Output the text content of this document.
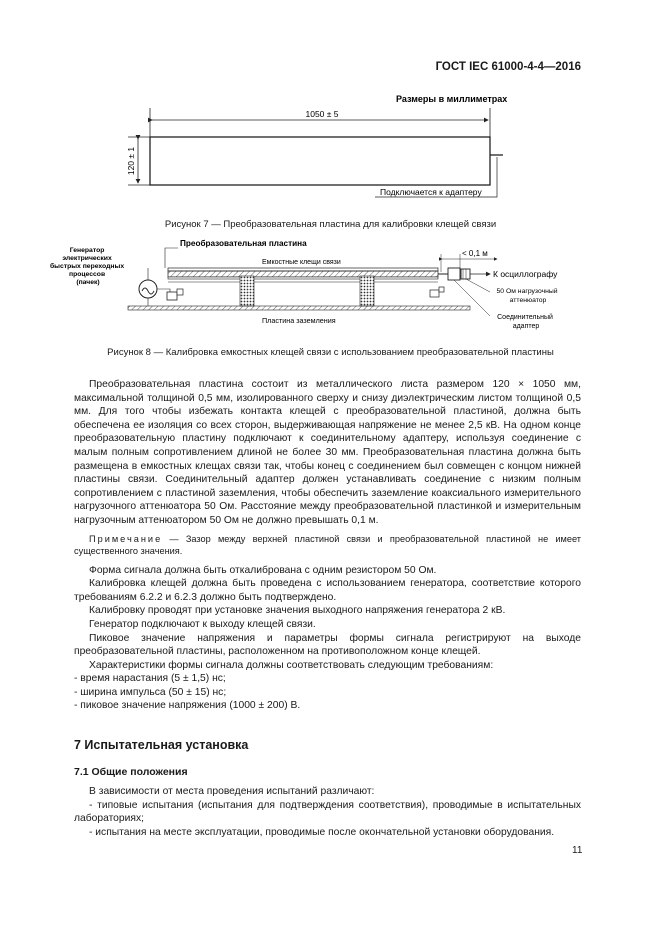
ГОСТ IEC 61000-4-4—2016
Размеры в миллиметрах
1050 ± 5
120 ± 1
Подключается к адаптеру
Рисунок 7 — Преобразовательная пластина для калибровки клещей связи
Генератор электрических быстрых переходных процессов (пачек)
Преобразовательная пластина
Емкостные клещи связи
< 0,1 м
К осциллографу
50 Ом нагрузочный аттенюатор
Соединительный адаптер
Пластина заземления
Рисунок 8 — Калибровка емкостных клещей связи с использованием преобразовательной пластины

Преобразовательная пластина состоит из металлического листа размером 120 × 1050 мм, максимальной толщиной 0,5 мм, изолированного сверху и снизу диэлектрическим листом толщиной 0,5 мм. Для того чтобы избежать контакта клещей с преобразовательной пластиной, должна быть обеспечена ее изоляция со всех сторон, выдерживающая напряжение не менее 2,5 кВ. На одном конце преобразовательную пластину подключают к соединительному адаптеру, используя соединение с малым полным сопротивлением длиной не более 30 мм. Преобразовательная пластина должна быть размещена в емкостных клещах связи так, чтобы конец с соединением был совмещен с концом нижней пластины связи. Соединительный адаптер должен устанавливать соединение с низким полным сопротивлением с пластиной заземления, чтобы обеспечить заземление коаксиального измерительного нагрузочного аттенюатора 50 Ом. Расстояние между преобразовательной пластинкой и измерительным нагрузочным аттенюатором 50 Ом не должно превышать 0,1 м.

Примечание — Зазор между верхней пластиной связи и преобразовательной пластиной не имеет существенного значения.

Форма сигнала должна быть откалибрована с одним резистором 50 Ом.

Калибровка клещей должна быть проведена с использованием генератора, соответствие которого требованиям 6.2.2 и 6.2.3 должно быть подтверждено.

Калибровку проводят при установке значения выходного напряжения генератора 2 кВ.

Генератор подключают к выходу клещей связи.

Пиковое значение напряжения и параметры формы сигнала регистрируют на выходе преобразовательной пластины, расположенном на противоположном конце клещей.

Характеристики формы сигнала должны соответствовать следующим требованиям:

- время нарастания (5 ± 1,5) нс;

- ширина импульса (50 ± 15) нс;

- пиковое значение напряжения (1000 ± 200) В.

7 Испытательная установка
7.1 Общие положения

В зависимости от места проведения испытаний различают:

- типовые испытания (испытания для подтверждения соответствия), проводимые в испытательных лабораториях;

- испытания на месте эксплуатации, проводимые после окончательной установки оборудования.

11
